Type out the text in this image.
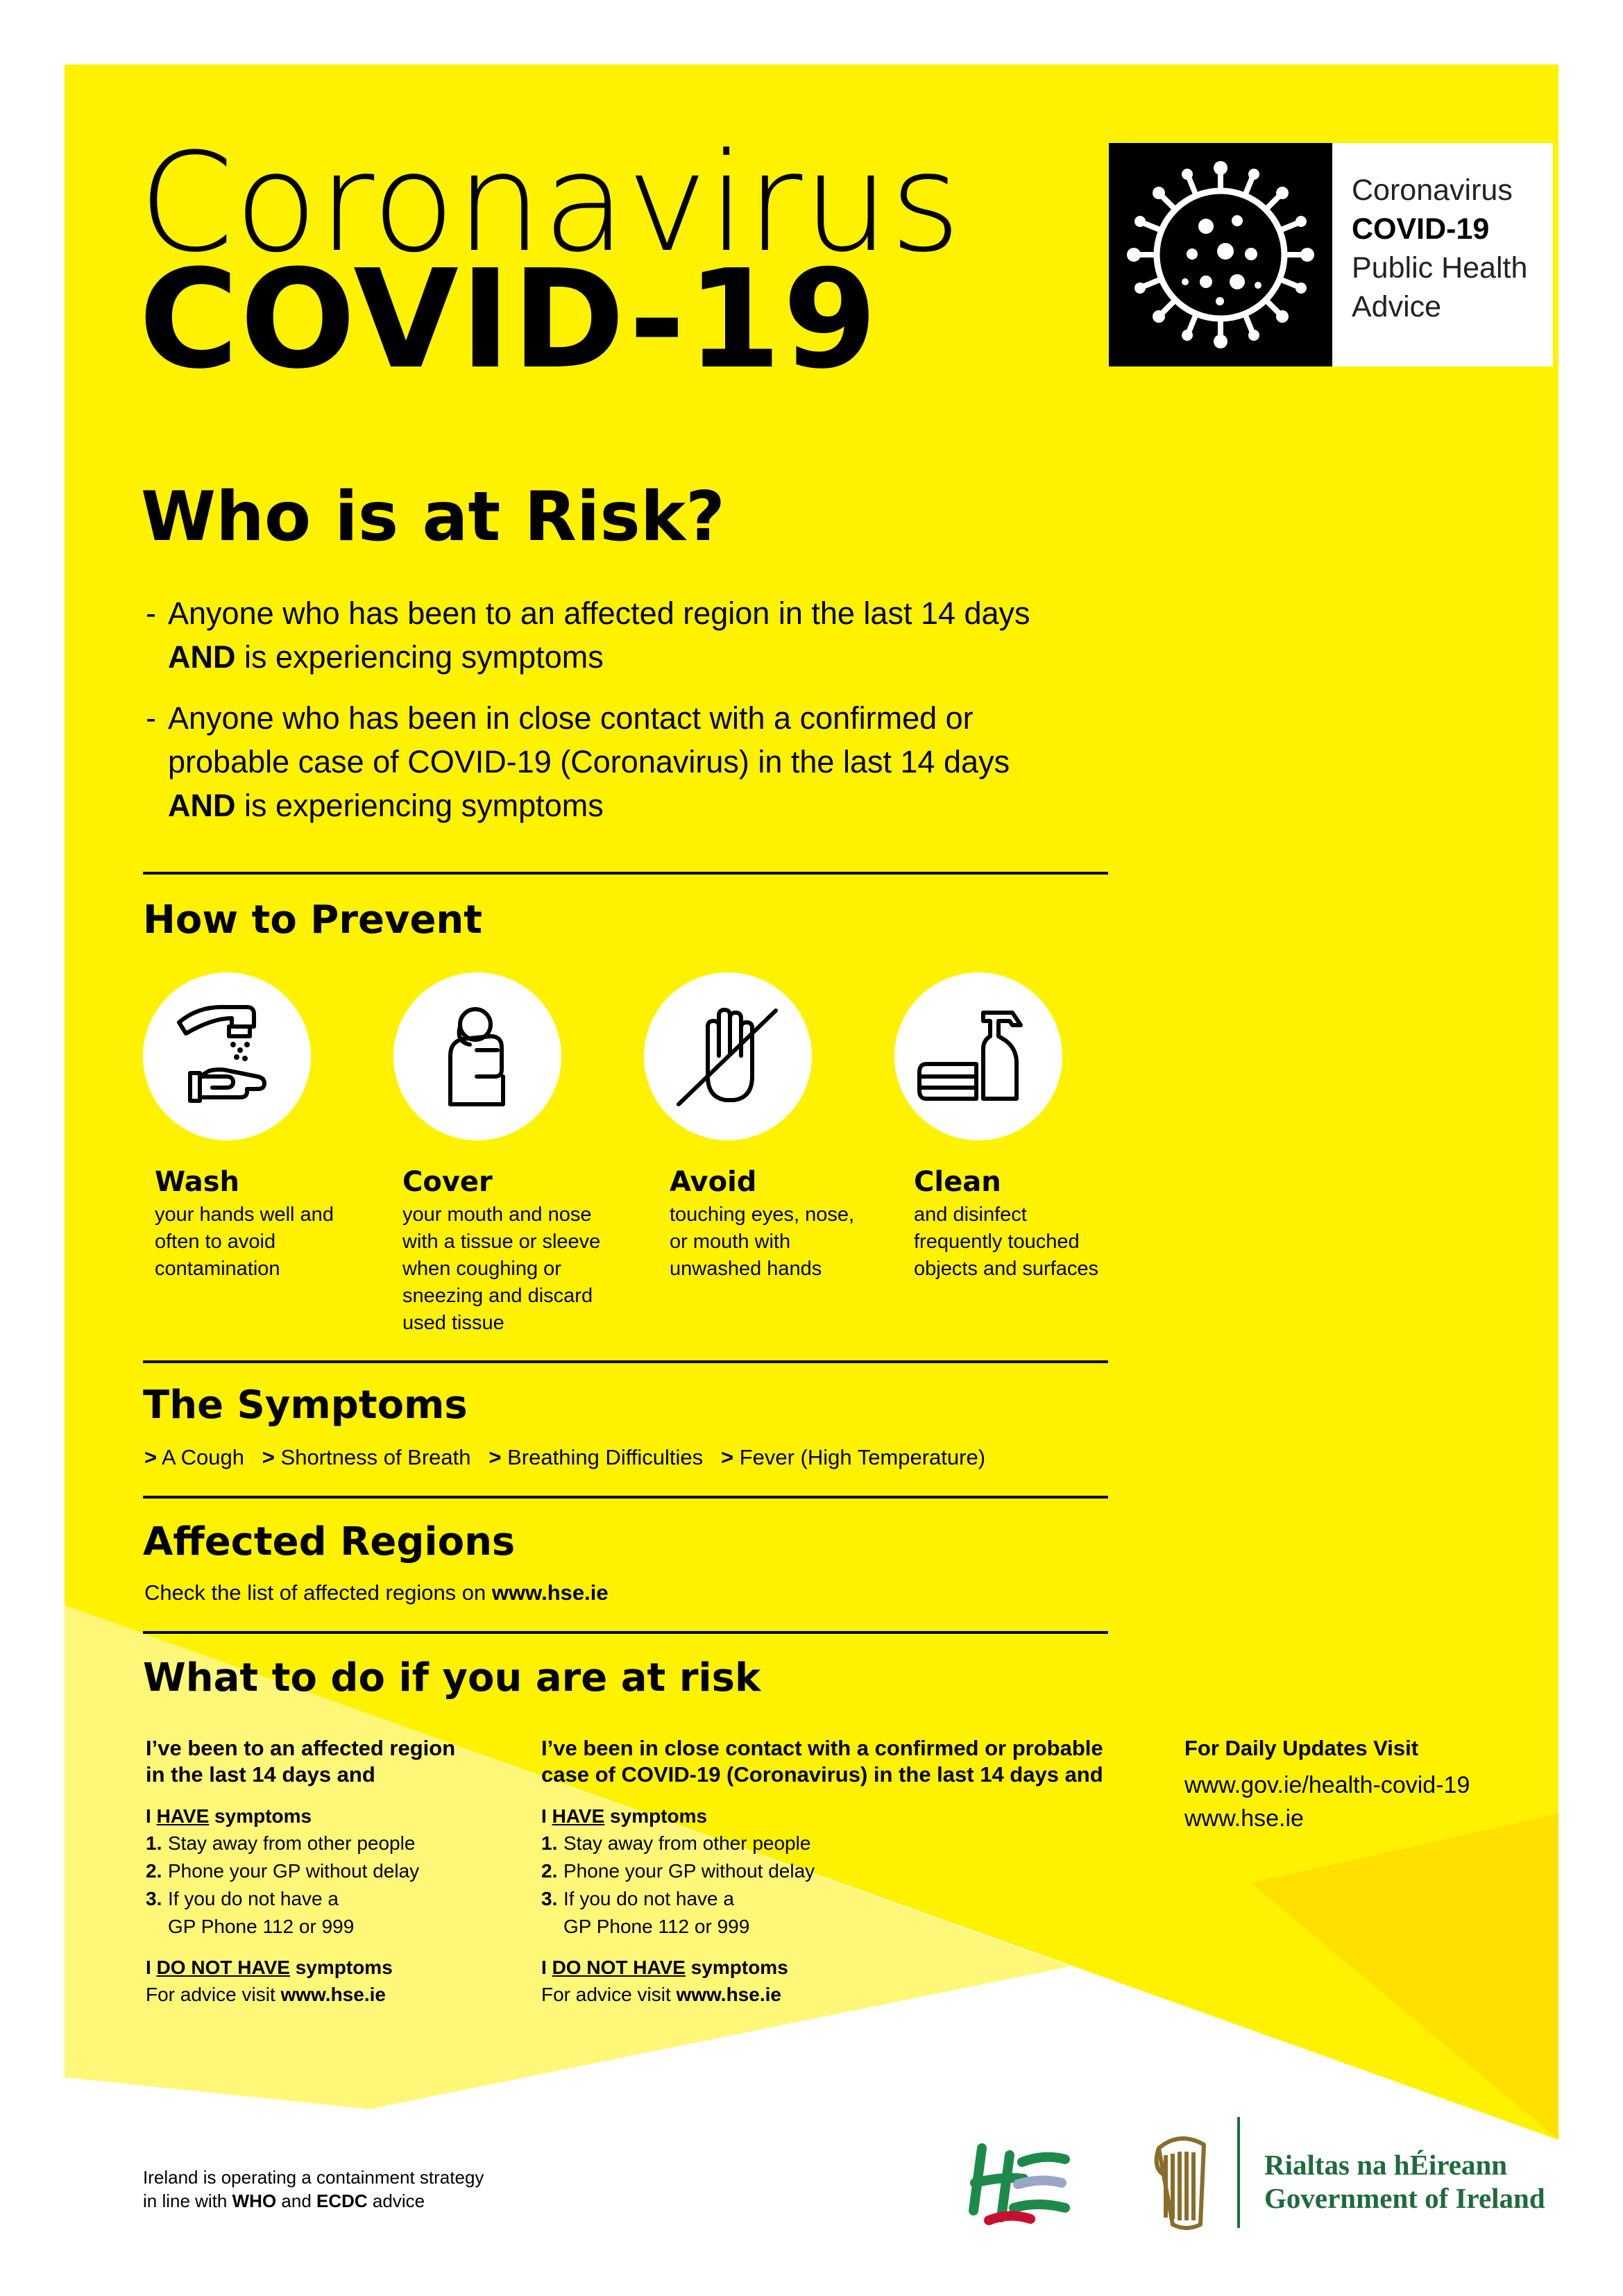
Coronavirus
COVID-19
Coronavirus
COVID-19
Public Health
Advice
Who is at Risk?
- Anyone who has been to an affected region in the last 14 days
AND is experiencing symptoms
- Anyone who has been in close contact with a confirmed or
probable case of COVID-19 (Coronavirus) in the last 14 days
AND is experiencing symptoms
How to Prevent
Wash
your hands well and often to avoid contamination
Cover
your mouth and nose with a tissue or sleeve when coughing or sneezing and discard used tissue
Avoid
touching eyes, nose, or mouth with unwashed hands
Clean
and disinfect frequently touched objects and surfaces
The Symptoms
> A Cough > Shortness of Breath > Breathing Difficulties > Fever (High Temperature)
Affected Regions
Check the list of affected regions on www.hse.ie
What to do if you are at risk
I’ve been to an affected region
in the last 14 days and
I HAVE symptoms
1. Stay away from other people
2. Phone your GP without delay
3. If you do not have a GP Phone 112 or 999
I DO NOT HAVE symptoms
For advice visit www.hse.ie
I’ve been in close contact with a confirmed or probable
case of COVID-19 (Coronavirus) in the last 14 days and
I HAVE symptoms
1. Stay away from other people
2. Phone your GP without delay
3. If you do not have a GP Phone 112 or 999
I DO NOT HAVE symptoms
For advice visit www.hse.ie
For Daily Updates Visit
www.gov.ie/health-covid-19
www.hse.ie
Ireland is operating a containment strategy
in line with WHO and ECDC advice
Rialtas na hÉireann
Government of Ireland
